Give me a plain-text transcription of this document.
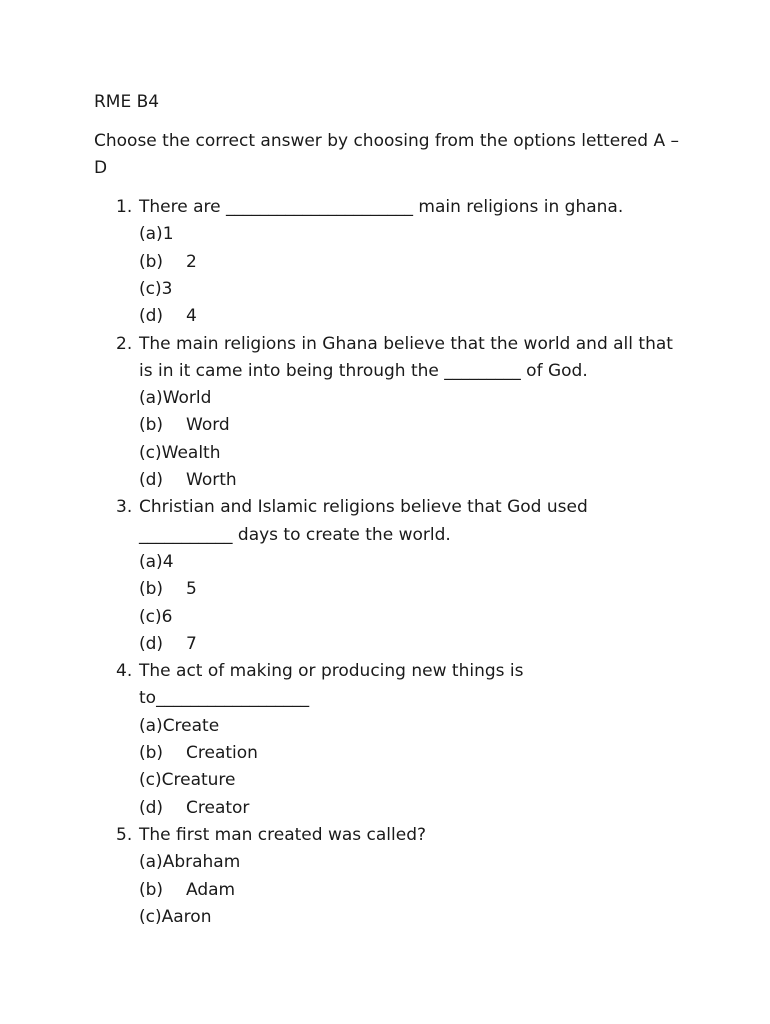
RME B4
Choose the correct answer by choosing from the options lettered A – D
1. There are ______________________ main religions in ghana.
(a)1
(b) 2
(c)3
(d) 4
2. The main religions in Ghana believe that the world and all that
is in it came into being through the _________ of God.
(a)World
(b) Word
(c)Wealth
(d) Worth
3. Christian and Islamic religions believe that God used
___________ days to create the world.
(a)4
(b) 5
(c)6
(d) 7
4. The act of making or producing new things is
to__________________
(a)Create
(b) Creation
(c)Creature
(d) Creator
5. The first man created was called?
(a)Abraham
(b) Adam
(c)Aaron
